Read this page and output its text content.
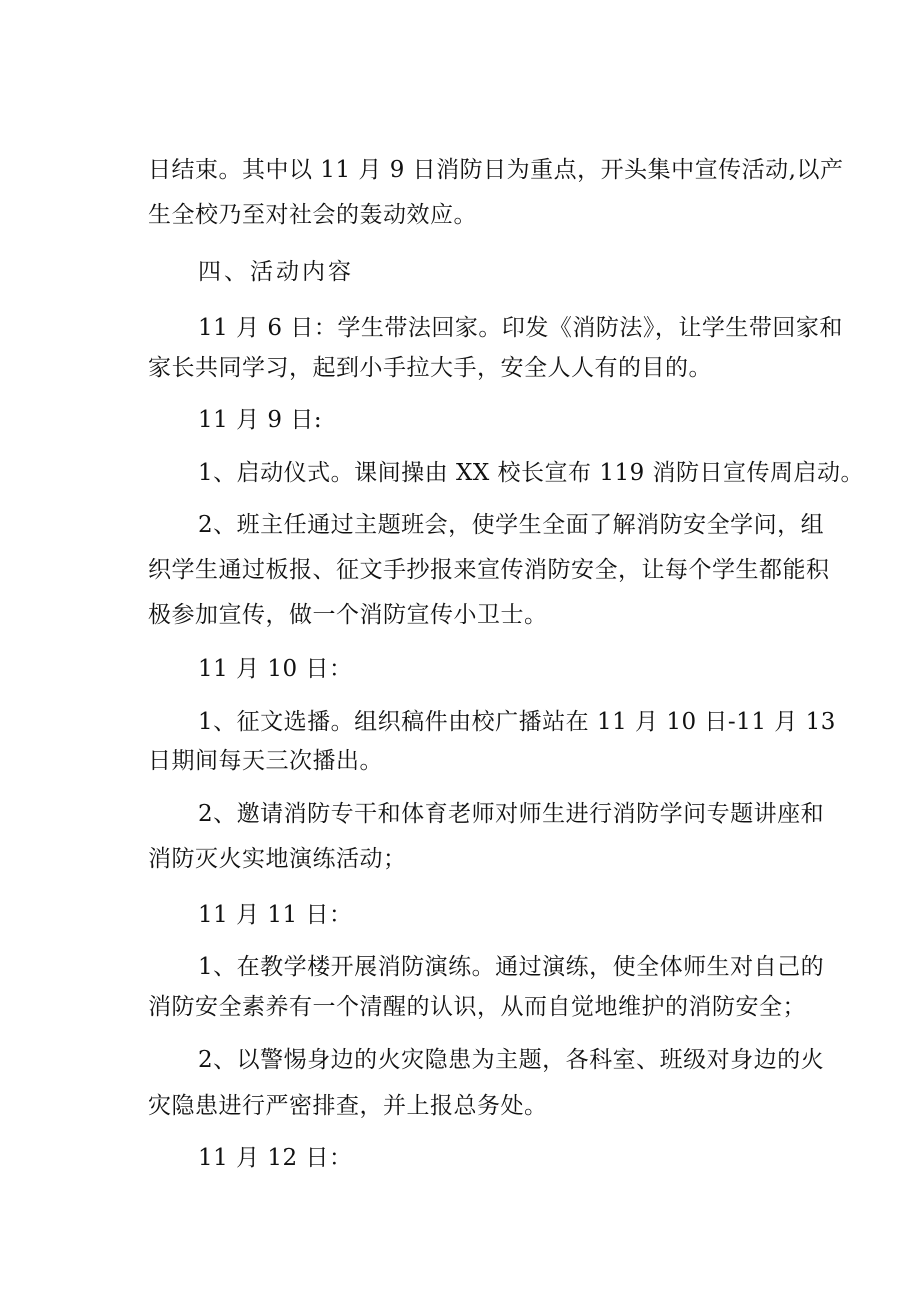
日结束。其中以 11 月 9 日消防日为重点，开头集中宣传活动,以产
生全校乃至对社会的轰动效应。
四、活动内容
11 月 6 日：学生带法回家。印发《消防法》，让学生带回家和
家长共同学习，起到小手拉大手，安全人人有的目的。
11 月 9 日:
1、启动仪式。课间操由 XX 校长宣布 119 消防日宣传周启动。
2、班主任通过主题班会，使学生全面了解消防安全学问，组
织学生通过板报、征文手抄报来宣传消防安全，让每个学生都能积
极参加宣传，做一个消防宣传小卫士。
11 月 10 日：
1、征文选播。组织稿件由校广播站在 11 月 10 日-11 月 13
日期间每天三次播出。
2、邀请消防专干和体育老师对师生进行消防学问专题讲座和
消防灭火实地演练活动；
11 月 11 日：
1、在教学楼开展消防演练。通过演练，使全体师生对自己的
消防安全素养有一个清醒的认识，从而自觉地维护的消防安全；
2、以警惕身边的火灾隐患为主题，各科室、班级对身边的火
灾隐患进行严密排查，并上报总务处。
11 月 12 日：
